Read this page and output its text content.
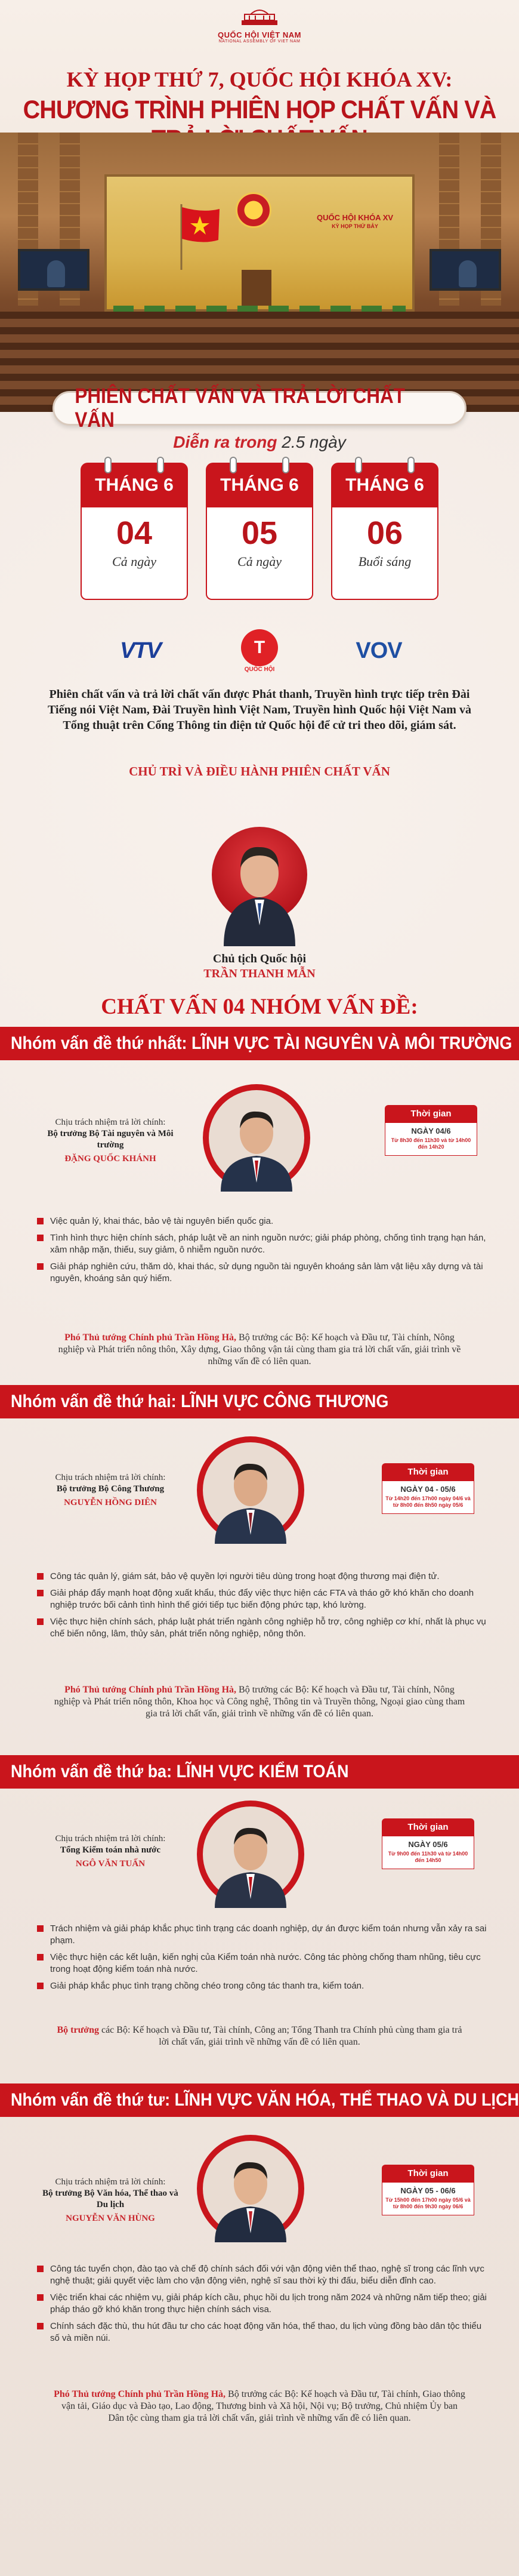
QUỐC HỘI VIỆT NAM
NATIONAL ASSEMBLY OF VIET NAM
KỲ HỌP THỨ 7, QUỐC HỘI KHÓA XV:
CHƯƠNG TRÌNH PHIÊN HỌP CHẤT VẤN VÀ
QUỐC HỘI KHÓA XV
KỲ HỌP THỨ BẢY
PHIÊN CHẤT VẤN VÀ TRẢ LỜI CHẤT VẤN
Diễn ra trong 2.5 ngày
THÁNG 6
04
Cả ngày
THÁNG 6
05
Cả ngày
THÁNG 6
06
Buổi sáng
VTV	T
QUỐC HỘI
VOV
Phiên chất vấn và trả lời chất vấn được Phát thanh, Truyền hình trực tiếp trên Đài Tiếng nói Việt Nam, Đài Truyền hình Việt Nam, Truyền hình Quốc hội Việt Nam và Tổng thuật trên Cổng Thông tin điện tử Quốc hội để cử tri theo dõi, giám sát.
CHỦ TRÌ VÀ ĐIỀU HÀNH PHIÊN CHẤT VẤN
Chủ tịch Quốc hội
TRẦN THANH MẪN
CHẤT VẤN 04 NHÓM VẤN ĐỀ:
Nhóm vấn đề thứ nhất: LĨNH VỰC TÀI NGUYÊN VÀ MÔI TRƯỜNG
Chịu trách nhiệm trả lời chính:
Bộ trưởng Bộ Tài nguyên và Môi trường
ĐẶNG QUỐC KHÁNH
Thời gian
NGÀY 04/6
Từ 8h30 đến 11h30 và từ 14h00 đến 14h20
Việc quản lý, khai thác, bảo vệ tài nguyên biển quốc gia.
Tình hình thực hiện chính sách, pháp luật về an ninh nguồn nước; giải pháp phòng, chống tình trạng hạn hán, xâm nhập mặn, thiếu, suy giảm, ô nhiễm nguồn nước.
Giải pháp nghiên cứu, thăm dò, khai thác, sử dụng nguồn tài nguyên khoáng sản làm vật liệu xây dựng và tài nguyên, khoáng sản quý hiếm.
Phó Thủ tướng Chính phủ Trần Hồng Hà, Bộ trưởng các Bộ: Kế hoạch và Đầu tư, Tài chính, Nông nghiệp và Phát triển nông thôn, Xây dựng, Giao thông vận tải cùng tham gia trả lời chất vấn, giải trình về những vấn đề có liên quan.
Nhóm vấn đề thứ hai: LĨNH VỰC CÔNG THƯƠNG
Chịu trách nhiệm trả lời chính:
Bộ trưởng Bộ Công Thương
NGUYỄN HỒNG DIÊN
Thời gian
NGÀY 04 - 05/6
Từ 14h20 đến 17h00 ngày 04/6 và từ 8h00 đến 8h50 ngày 05/6
Công tác quản lý, giám sát, bảo vệ quyền lợi người tiêu dùng trong hoạt động thương mại điện tử.
Giải pháp đẩy mạnh hoạt động xuất khẩu, thúc đẩy việc thực hiện các FTA và tháo gỡ khó khăn cho doanh nghiệp trước bối cảnh tình hình thế giới tiếp tục biến động phức tạp, khó lường.
Việc thực hiện chính sách, pháp luật phát triển ngành công nghiệp hỗ trợ, công nghiệp cơ khí, nhất là phục vụ chế biến nông, lâm, thủy sản, phát triển nông nghiệp, nông thôn.
Phó Thủ tướng Chính phủ Trần Hồng Hà, Bộ trưởng các Bộ: Kế hoạch và Đầu tư, Tài chính, Nông nghiệp và Phát triển nông thôn, Khoa học và Công nghệ, Thông tin và Truyền thông, Ngoại giao cùng tham gia trả lời chất vấn, giải trình về những vấn đề có liên quan.
Nhóm vấn đề thứ ba: LĨNH VỰC KIỂM TOÁN
Chịu trách nhiệm trả lời chính:
Tổng Kiểm toán nhà nước
NGÔ VĂN TUẤN
Thời gian
NGÀY 05/6
Từ 9h00 đến 11h30 và từ 14h00 đến 14h50
Trách nhiệm và giải pháp khắc phục tình trạng các doanh nghiệp, dự án được kiểm toán nhưng vẫn xảy ra sai phạm.
Việc thực hiện các kết luận, kiến nghị của Kiểm toán nhà nước. Công tác phòng chống tham nhũng, tiêu cực trong hoạt động kiểm toán nhà nước.
Giải pháp khắc phục tình trạng chồng chéo trong công tác thanh tra, kiểm toán.
Bộ trưởng các Bộ: Kế hoạch và Đầu tư, Tài chính, Công an; Tổng Thanh tra Chính phủ cùng tham gia trả lời chất vấn, giải trình về những vấn đề có liên quan.
Nhóm vấn đề thứ tư: LĨNH VỰC VĂN HÓA, THỂ THAO VÀ DU LỊCH
Chịu trách nhiệm trả lời chính:
Bộ trưởng Bộ Văn hóa, Thể thao và Du lịch
NGUYỄN VĂN HÙNG
Thời gian
NGÀY 05 - 06/6
Từ 15h00 đến 17h00 ngày 05/6 và từ 8h00 đến 9h30 ngày 06/6
Công tác tuyển chọn, đào tạo và chế độ chính sách đối với vận động viên thể thao, nghệ sĩ trong các lĩnh vực nghệ thuật; giải quyết việc làm cho vận động viên, nghệ sĩ sau thời kỳ thi đấu, biểu diễn đỉnh cao.
Việc triển khai các nhiệm vụ, giải pháp kích cầu, phục hồi du lịch trong năm 2024 và những năm tiếp theo; giải pháp tháo gỡ khó khăn trong thực hiện chính sách visa.
Chính sách đặc thù, thu hút đầu tư cho các hoạt động văn hóa, thể thao, du lịch vùng đồng bào dân tộc thiểu số và miền núi.
Phó Thủ tướng Chính phủ Trần Hồng Hà, Bộ trưởng các Bộ: Kế hoạch và Đầu tư, Tài chính, Giao thông vận tải, Giáo dục và Đào tạo, Lao động, Thương binh và Xã hội, Nội vụ; Bộ trưởng, Chủ nhiệm Ủy ban Dân tộc cùng tham gia trả lời chất vấn, giải trình về những vấn đề có liên quan.
